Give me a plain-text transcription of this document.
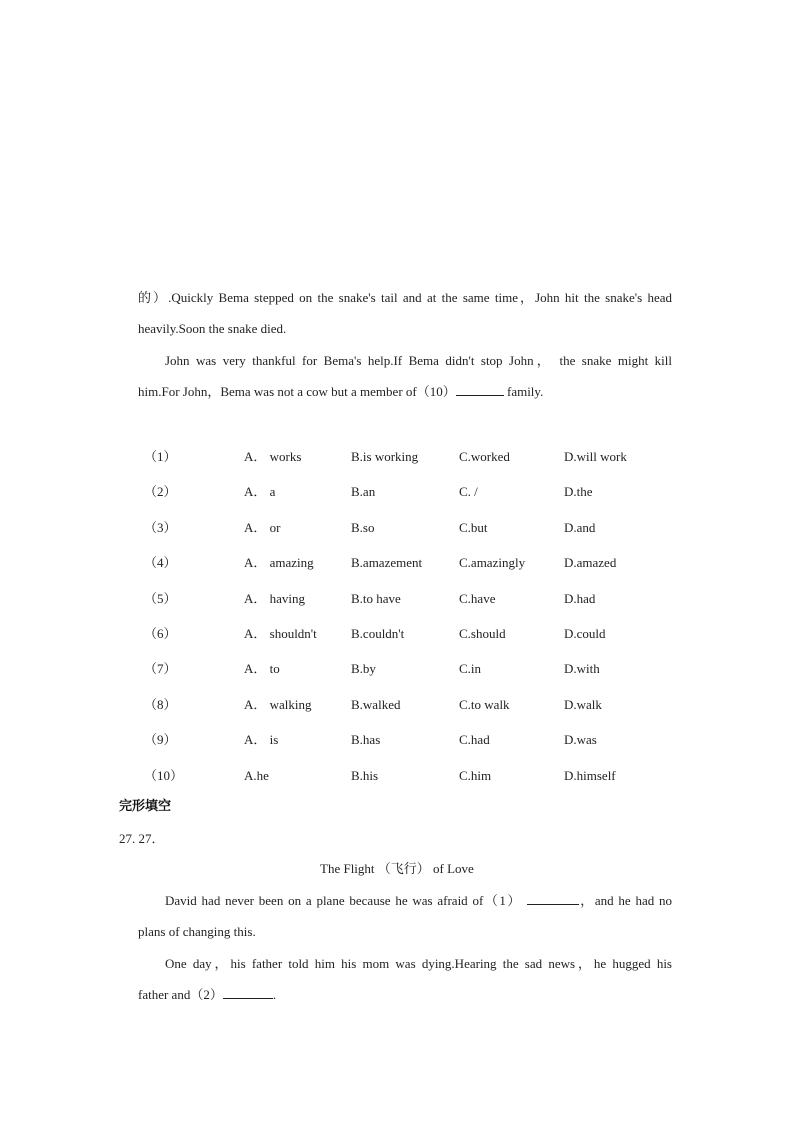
的）.Quickly Bema stepped on the snake's tail and at the same time，John hit the snake's head
heavily.Soon the snake died.
John was very thankful for Bema's help.If Bema didn't stop John， the snake might kill
him.For John，Bema was not a cow but a member of（10）	family.
（1）	A． works	B.is working	C.worked	D.will work
（2）	A． a	B.an	C. /	D.the
（3）	A． or	B.so	C.but	D.and
（4）	A． amazing	B.amazement	C.amazingly	D.amazed
（5）	A． having	B.to have	C.have	D.had
（6）	A． shouldn't	B.couldn't	C.should	D.could
（7）	A． to	B.by	C.in	D.with
（8）	A． walking	B.walked	C.to walk	D.walk
（9）	A． is	B.has	C.had	D.was
（10）	A.he	B.his	C.him	D.himself
完形填空
27. 27．
The Flight （飞行） of Love
David had never been on a plane because he was afraid of（1）	，and he had no
plans of changing this.
One day，his father told him his mom was dying.Hearing the sad news，he hugged his
father and（2）	.
